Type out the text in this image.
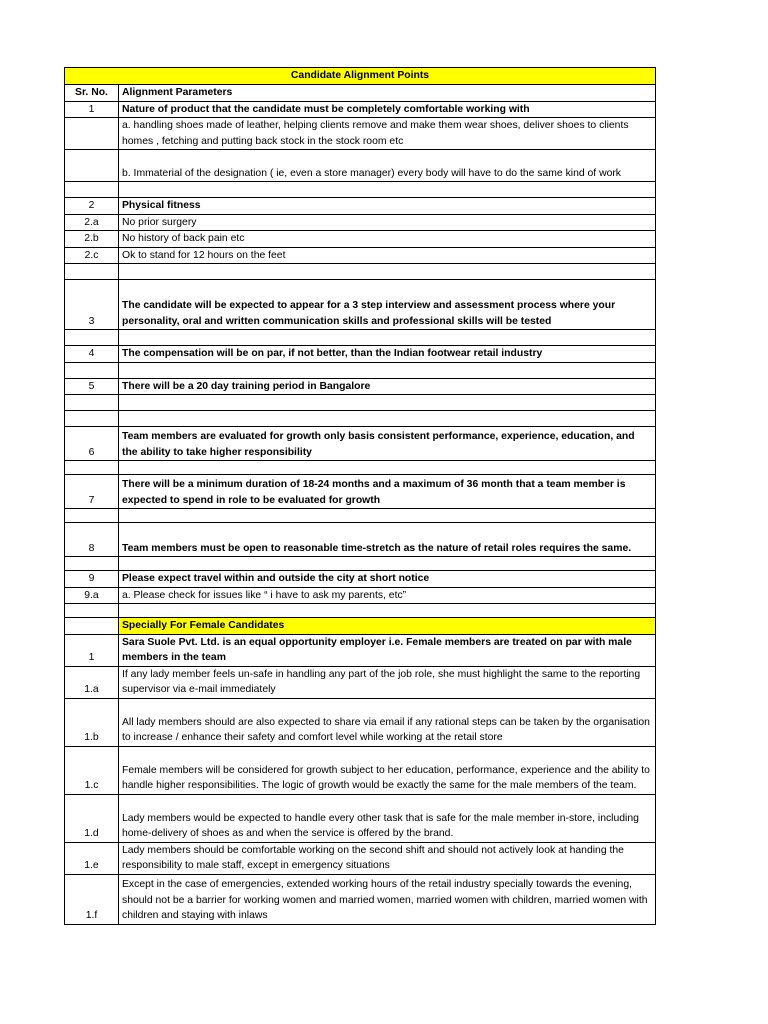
Candidate Alignment Points	
Sr. No.	Alignment Parameters
1	Nature of product that the candidate must be completely comfortable working with
	a. handling shoes made of leather, helping clients remove and make them wear shoes, deliver shoes to clients homes , fetching and putting back stock in the stock room etc
	b. Immaterial of the designation ( ie, even a store manager) every body will have to do the same kind of work

2	Physical fitness
2.a	No prior surgery
2.b	No history of back pain etc
2.c	Ok to stand for 12 hours on the feet

3	The candidate will be expected to appear for a 3 step interview and assessment process where your personality, oral and written communication skills and professional skills will be tested

4	The compensation will be on par, if not better, than the Indian footwear retail industry

5	There will be a 20 day training period in Bangalore

6	Team members are evaluated for growth only basis consistent performance, experience, education, and the ability to take higher responsibility

7	There will be a minimum duration of 18-24 months and a maximum of 36 month that a team member is expected to spend in role to be evaluated for growth

8	Team members must be open to reasonable time-stretch as the nature of retail roles requires the same.

9	Please expect travel within and outside the city at short notice
9.a	a. Please check for issues like “ i have to ask my parents, etc”

	Specially For Female Candidates
1	Sara Suole Pvt. Ltd. is an equal opportunity employer i.e. Female members are treated on par with male members in the team
1.a	If any lady member feels un-safe in handling any part of the job role, she must highlight the same to the reporting supervisor via e-mail immediately
1.b	All lady members should are also expected to share via email if any rational steps can be taken by the organisation to increase / enhance their safety and comfort level while working at the retail store
1.c	Female members will be considered for growth subject to her education, performance, experience and the ability to handle higher responsibilities. The logic of growth would be exactly the same for the male members of the team.
1.d	Lady members would be expected to handle every other task that is safe for the male member in-store, including home-delivery of shoes as and when the service is offered by the brand.
1.e	Lady members should be comfortable working on the second shift and should not actively look at handing the responsibility to male staff, except in emergency situations
1.f	Except in the case of emergencies, extended working hours of the retail industry specially towards the evening, should not be a barrier for working women and married women, married women with children, married women with children and staying with inlaws
